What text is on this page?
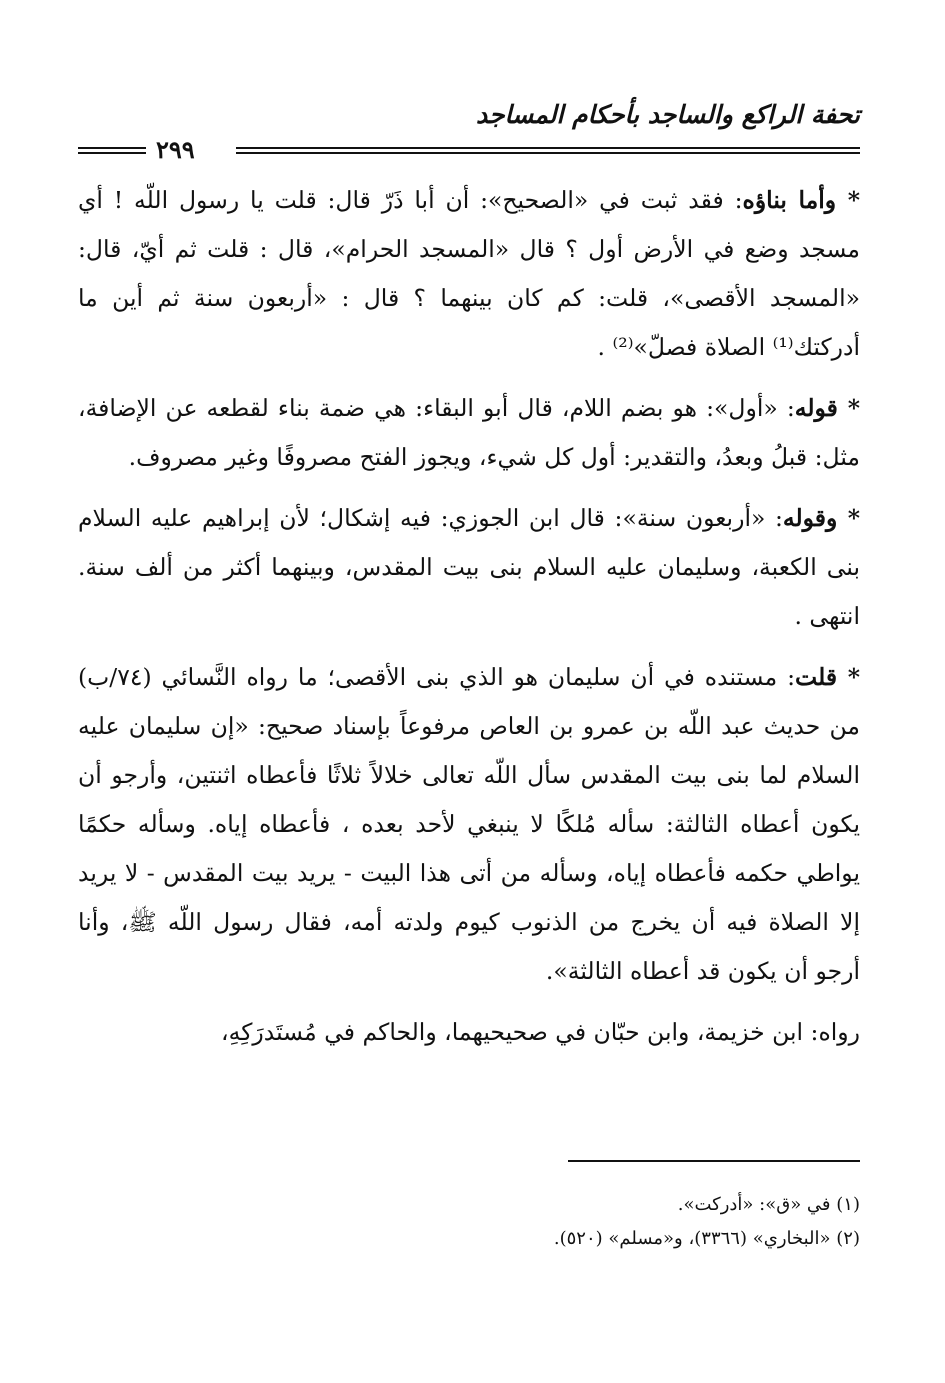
تحفة الراكع والساجد بأحكام المساجد
٢٩٩

* وأما بناؤه: فقد ثبت في «الصحيح»: أن أبا ذَرّ قال: قلت يا رسول اللّه ! أي مسجد وضع في الأرض أول ؟ قال «المسجد الحرام»، قال : قلت ثم أيّ، قال: «المسجد الأقصى»، قلت: كم كان بينهما ؟ قال : «أربعون سنة ثم أين ما أدركتك⁽¹⁾ الصلاة فصلّ»⁽²⁾ .

* قوله: «أول»: هو بضم اللام، قال أبو البقاء: هي ضمة بناء لقطعه عن الإضافة، مثل: قبلُ وبعدُ، والتقدير: أول كل شيء، ويجوز الفتح مصروفًا وغير مصروف.

* وقوله: «أربعون سنة»: قال ابن الجوزي: فيه إشكال؛ لأن إبراهيم عليه السلام بنى الكعبة، وسليمان عليه السلام بنى بيت المقدس، وبينهما أكثر من ألف سنة. انتهى .

* قلت: مستنده في أن سليمان هو الذي بنى الأقصى؛ ما رواه النَّسائي (٧٤/ب) من حديث عبد اللّه بن عمرو بن العاص مرفوعاً بإسناد صحيح: «إن سليمان عليه السلام لما بنى بيت المقدس سأل اللّه تعالى خلالاً ثلاثًا فأعطاه اثنتين، وأرجو أن يكون أعطاه الثالثة: سأله مُلكًا لا ينبغي لأحد بعده ، فأعطاه إياه. وسأله حكمًا يواطي حكمه فأعطاه إياه، وسأله من أتى هذا البيت - يريد بيت المقدس - لا يريد إلا الصلاة فيه أن يخرج من الذنوب كيوم ولدته أمه، فقال رسول اللّه ﷺ، وأنا أرجو أن يكون قد أعطاه الثالثة».

رواه: ابن خزيمة، وابن حبّان في صحيحيهما، والحاكم في مُستَدرَكِهِ،

(١) في «ق»: «أدركت».

(٢) «البخاري» (٣٣٦٦)، و«مسلم» (٥٢٠).
